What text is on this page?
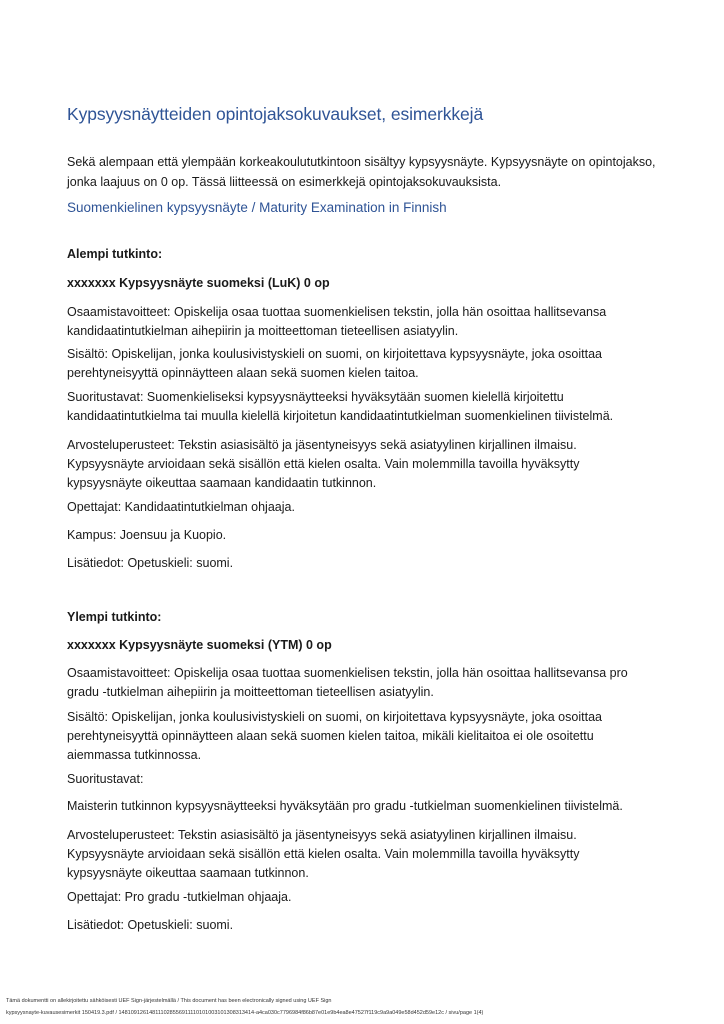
Kypsyysnäytteiden opintojaksokuvaukset, esimerkkejä
Sekä alempaan että ylempään korkeakoulututkintoon sisältyy kypsyysnäyte. Kypsyysnäyte on opintojakso, jonka laajuus on 0 op. Tässä liitteessä on esimerkkejä opintojaksokuvauksista.
Suomenkielinen kypsyysnäyte / Maturity Examination in Finnish
Alempi tutkinto:
xxxxxxx Kypsyysnäyte suomeksi (LuK) 0 op
Osaamistavoitteet: Opiskelija osaa tuottaa suomenkielisen tekstin, jolla hän osoittaa hallitsevansa kandidaatintutkielman aihepiirin ja moitteettoman tieteellisen asiatyylin.
Sisältö: Opiskelijan, jonka koulusivistyskieli on suomi, on kirjoitettava kypsyysnäyte, joka osoittaa perehtyneisyyttä opinnäytteen alaan sekä suomen kielen taitoa.
Suoritustavat: Suomenkieliseksi kypsyysnäytteeksi hyväksytään suomen kielellä kirjoitettu kandidaatintutkielma tai muulla kielellä kirjoitetun kandidaatintutkielman suomenkielinen tiivistelmä.
Arvosteluperusteet: Tekstin asiasisältö ja jäsentyneisyys sekä asiatyylinen kirjallinen ilmaisu. Kypsyysnäyte arvioidaan sekä sisällön että kielen osalta. Vain molemmilla tavoilla hyväksytty kypsyysnäyte oikeuttaa saamaan kandidaatin tutkinnon.
Opettajat: Kandidaatintutkielman ohjaaja.
Kampus: Joensuu ja Kuopio.
Lisätiedot: Opetuskieli: suomi.
Ylempi tutkinto:
xxxxxxx Kypsyysnäyte suomeksi (YTM) 0 op
Osaamistavoitteet: Opiskelija osaa tuottaa suomenkielisen tekstin, jolla hän osoittaa hallitsevansa pro gradu -tutkielman aihepiirin ja moitteettoman tieteellisen asiatyylin.
Sisältö: Opiskelijan, jonka koulusivistyskieli on suomi, on kirjoitettava kypsyysnäyte, joka osoittaa perehtyneisyyttä opinnäytteen alaan sekä suomen kielen taitoa, mikäli kielitaitoa ei ole osoitettu aiemmassa tutkinnossa.
Suoritustavat:
Maisterin tutkinnon kypsyysnäytteeksi hyväksytään pro gradu -tutkielman suomenkielinen tiivistelmä.
Arvosteluperusteet: Tekstin asiasisältö ja jäsentyneisyys sekä asiatyylinen kirjallinen ilmaisu. Kypsyysnäyte arvioidaan sekä sisällön että kielen osalta. Vain molemmilla tavoilla hyväksytty kypsyysnäyte oikeuttaa saamaan tutkinnon.
Opettajat: Pro gradu -tutkielman ohjaaja.
Lisätiedot: Opetuskieli: suomi.
Tämä dokumentti on allekirjoitettu sähköisesti UEF Sign-järjestelmällä / This document has been electronically signed using UEF Sign
kypsyysnayte-kuvausesimerkit 150419.3.pdf / 148109126148111028556911110101003101308313414-a4ca030c7796984f86b87e01e9b4ea8e47527f119c9a9a049e58d452d59e12c / sivu/page 1(4)
